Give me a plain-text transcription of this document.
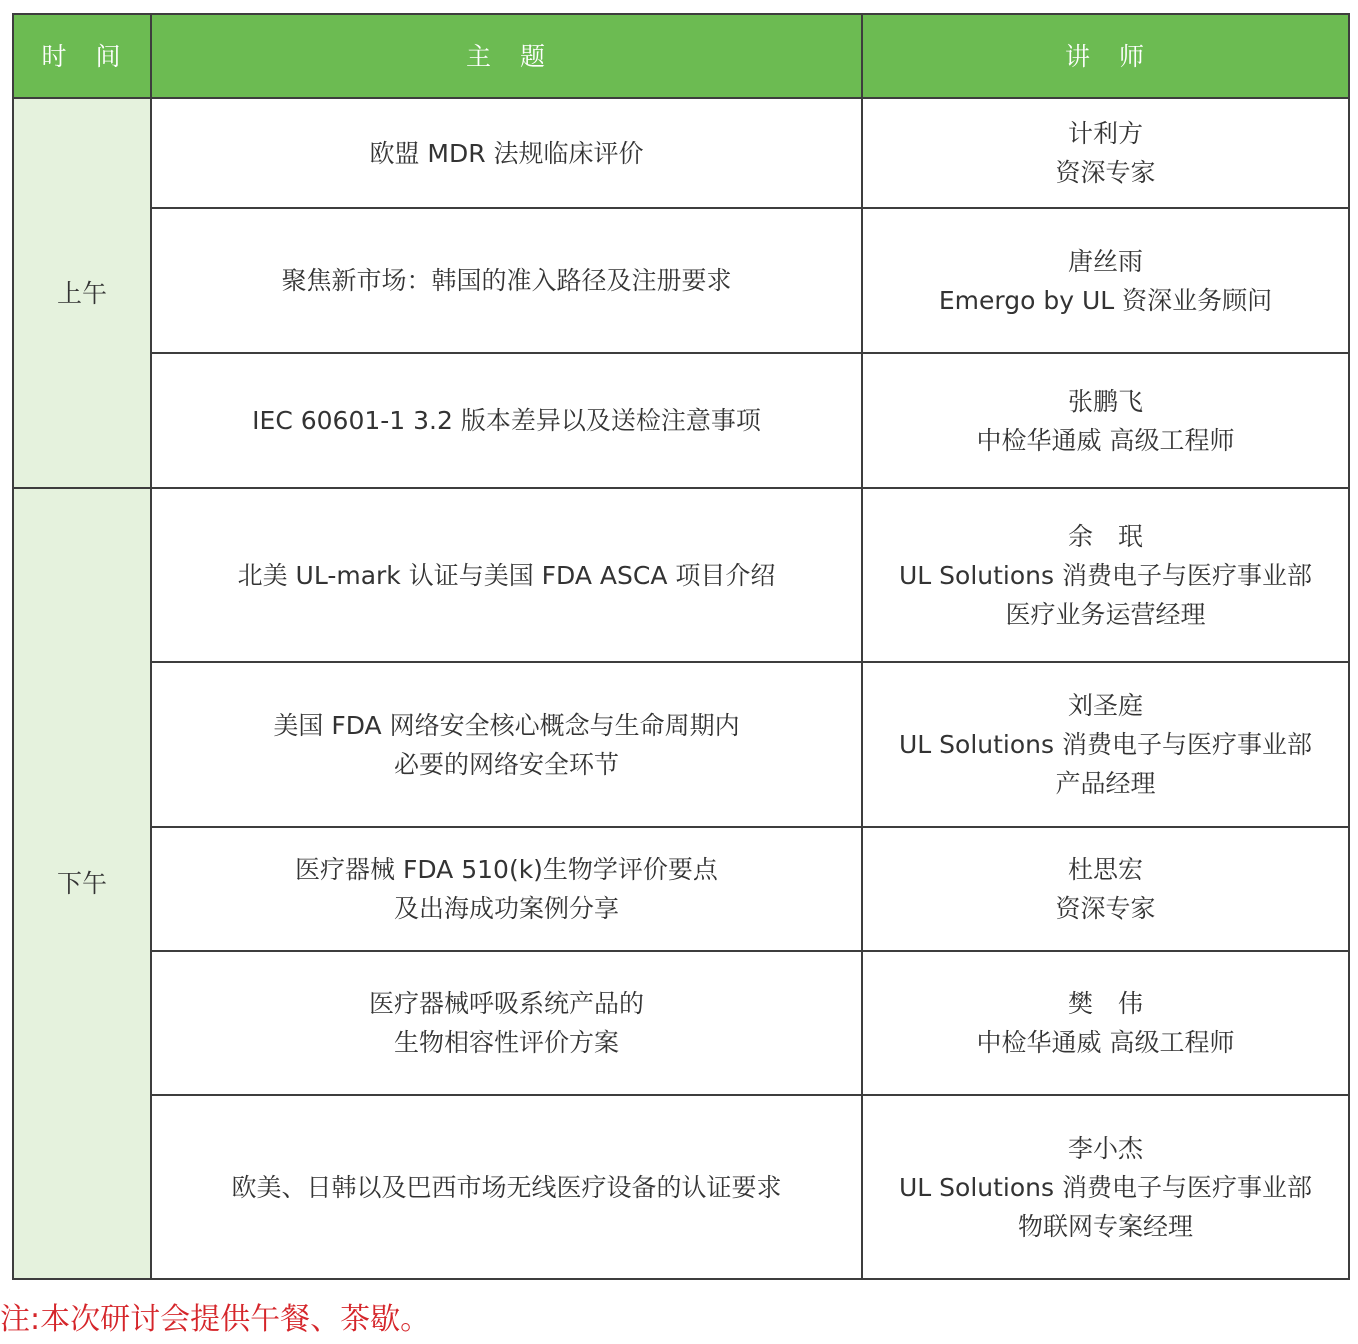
时　间	主　题	讲　师
上午	欧盟 MDR 法规临床评价	计利方
资深专家

	聚焦新市场：韩国的准入路径及注册要求	唐丝雨
Emergo by UL 资深业务顾问

	IEC 60601-1 3.2 版本差异以及送检注意事项	张鹏飞
中检华通威 高级工程师

下午	北美 UL-mark 认证与美国 FDA ASCA 项目介绍	余　珉
UL Solutions 消费电子与医疗事业部
医疗业务运营经理

	美国 FDA 网络安全核心概念与生命周期内
必要的网络安全环节	刘圣庭
UL Solutions 消费电子与医疗事业部
产品经理

	医疗器械 FDA 510(k)生物学评价要点
及出海成功案例分享	杜思宏
资深专家

	医疗器械呼吸系统产品的
生物相容性评价方案	樊　伟
中检华通威 高级工程师

	欧美、日韩以及巴西市场无线医疗设备的认证要求	李小杰
UL Solutions 消费电子与医疗事业部
物联网专案经理
注:本次研讨会提供午餐、茶歇。
